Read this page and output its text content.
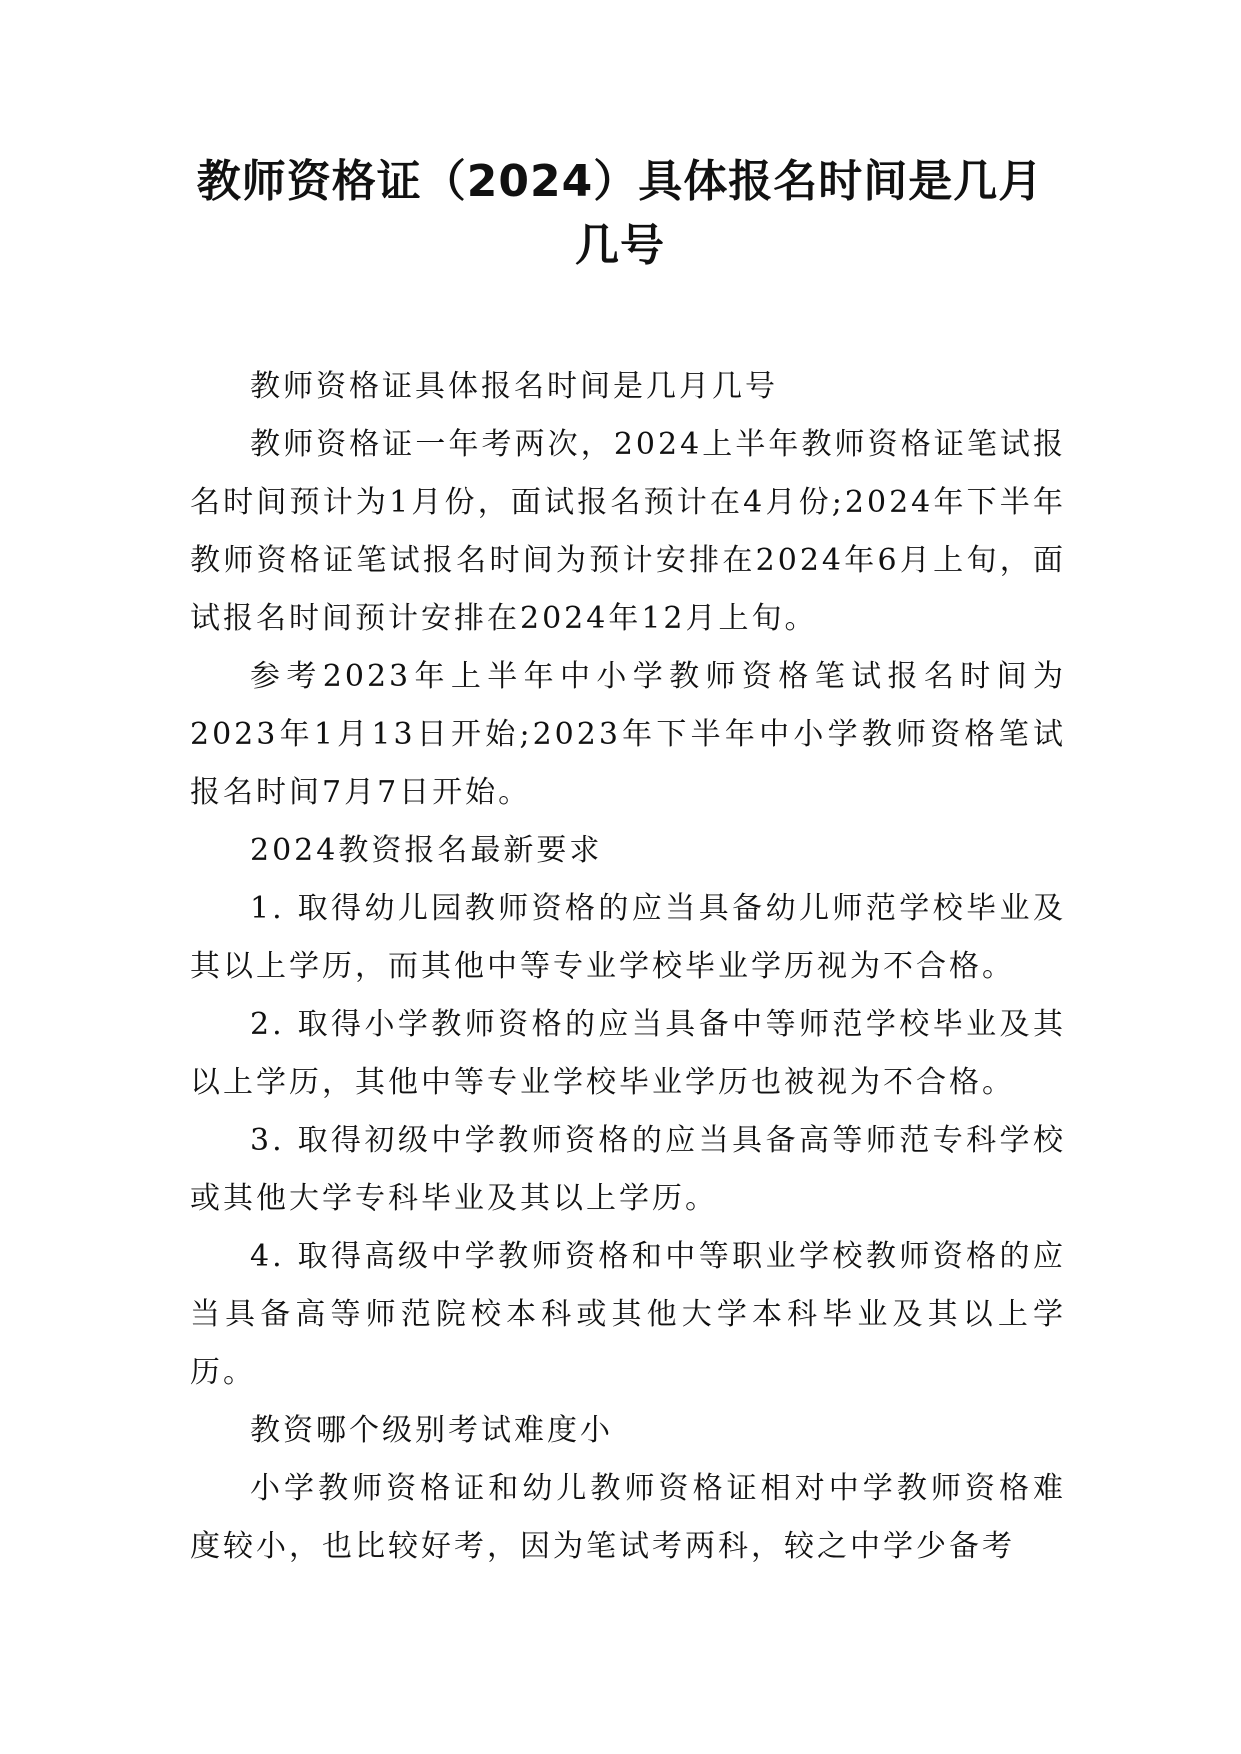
教师资格证（2024）具体报名时间是几月几号

教师资格证具体报名时间是几月几号

教师资格证一年考两次，2024上半年教师资格证笔试报名时间预计为1月份，面试报名预计在4月份;2024年下半年教师资格证笔试报名时间为预计安排在2024年6月上旬，面试报名时间预计安排在2024年12月上旬。

参考2023年上半年中小学教师资格笔试报名时间为2023年1月13日开始;2023年下半年中小学教师资格笔试报名时间7月7日开始。

2024教资报名最新要求

1. 取得幼儿园教师资格的应当具备幼儿师范学校毕业及其以上学历，而其他中等专业学校毕业学历视为不合格。

2. 取得小学教师资格的应当具备中等师范学校毕业及其以上学历，其他中等专业学校毕业学历也被视为不合格。

3. 取得初级中学教师资格的应当具备高等师范专科学校或其他大学专科毕业及其以上学历。

4. 取得高级中学教师资格和中等职业学校教师资格的应当具备高等师范院校本科或其他大学本科毕业及其以上学历。

教资哪个级别考试难度小

小学教师资格证和幼儿教师资格证相对中学教师资格难度较小，也比较好考，因为笔试考两科，较之中学少备考
